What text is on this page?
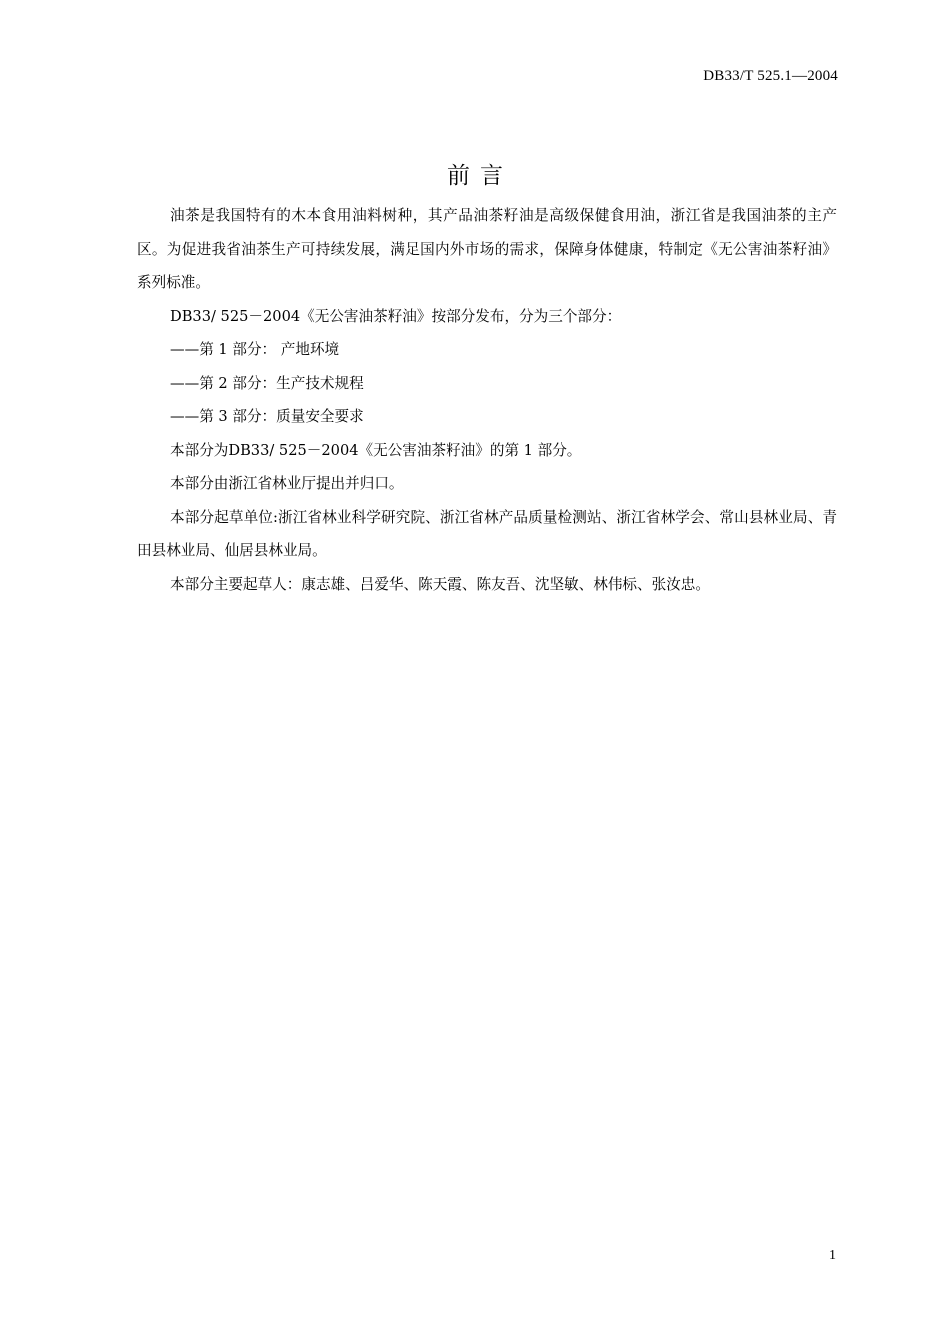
DB33/T 525.1—2004
前言

油茶是我国特有的木本食用油料树种，其产品油茶籽油是高级保健食用油，浙江省是我国油茶的主产区。为促进我省油茶生产可持续发展，满足国内外市场的需求，保障身体健康，特制定《无公害油茶籽油》系列标准。

DB33/ 525－2004《无公害油茶籽油》按部分发布，分为三个部分：

——第 1 部分： 产地环境

——第 2 部分：生产技术规程

——第 3 部分：质量安全要求

本部分为DB33/ 525－2004《无公害油茶籽油》的第 1 部分。

本部分由浙江省林业厅提出并归口。

本部分起草单位:浙江省林业科学研究院、浙江省林产品质量检测站、浙江省林学会、常山县林业局、青田县林业局、仙居县林业局。

本部分主要起草人：康志雄、吕爱华、陈天霞、陈友吾、沈坚敏、林伟标、张汝忠。

1
